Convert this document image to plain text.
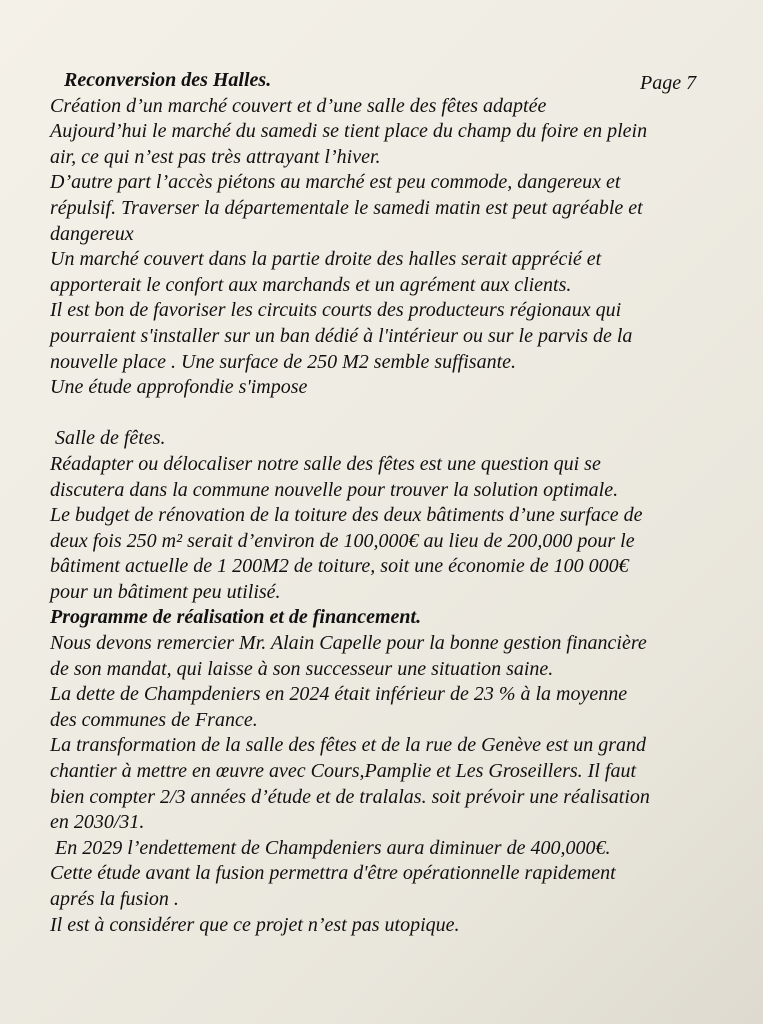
Page 7
Reconversion des Halles.
Création d’un marché couvert et d’une salle des fêtes adaptée
Aujourd’hui le marché du samedi se tient place du champ du foire en plein
air, ce qui n’est pas très attrayant l’hiver.
D’autre part l’accès piétons au marché est peu commode, dangereux et
répulsif. Traverser la départementale le samedi matin est peut agréable et
dangereux
Un marché couvert dans la partie droite des halles serait apprécié et
apporterait le confort aux marchands et un agrément aux clients.
Il est bon de favoriser les circuits courts des producteurs régionaux qui
pourraient s'installer sur un ban dédié à l'intérieur ou sur le parvis de la
nouvelle place . Une surface de 250 M2 semble suffisante.
Une étude approfondie s'impose
Salle de fêtes.
Réadapter ou délocaliser notre salle des fêtes est une question qui se
discutera dans la commune nouvelle pour trouver la solution optimale.
Le budget de rénovation de la toiture des deux bâtiments d’une surface de
deux fois 250 m² serait d’environ de 100,000€ au lieu de 200,000 pour le
bâtiment actuelle de 1 200M2 de toiture, soit une économie de 100 000€
pour un bâtiment peu utilisé.
Programme de réalisation et de financement.
Nous devons remercier Mr. Alain Capelle pour la bonne gestion financière
de son mandat, qui laisse à son successeur une situation saine.
La dette de Champdeniers en 2024 était inférieur de 23 % à la moyenne
des communes de France.
La transformation de la salle des fêtes et de la rue de Genève est un grand
chantier à mettre en œuvre avec Cours,Pamplie et Les Groseillers. Il faut
bien compter 2/3 années d’étude et de tralalas. soit prévoir une réalisation
en 2030/31.
En 2029 l’endettement de Champdeniers aura diminuer de 400,000€.
Cette étude avant la fusion permettra d'être opérationnelle rapidement
aprés la fusion .
Il est à considérer que ce projet n’est pas utopique.
